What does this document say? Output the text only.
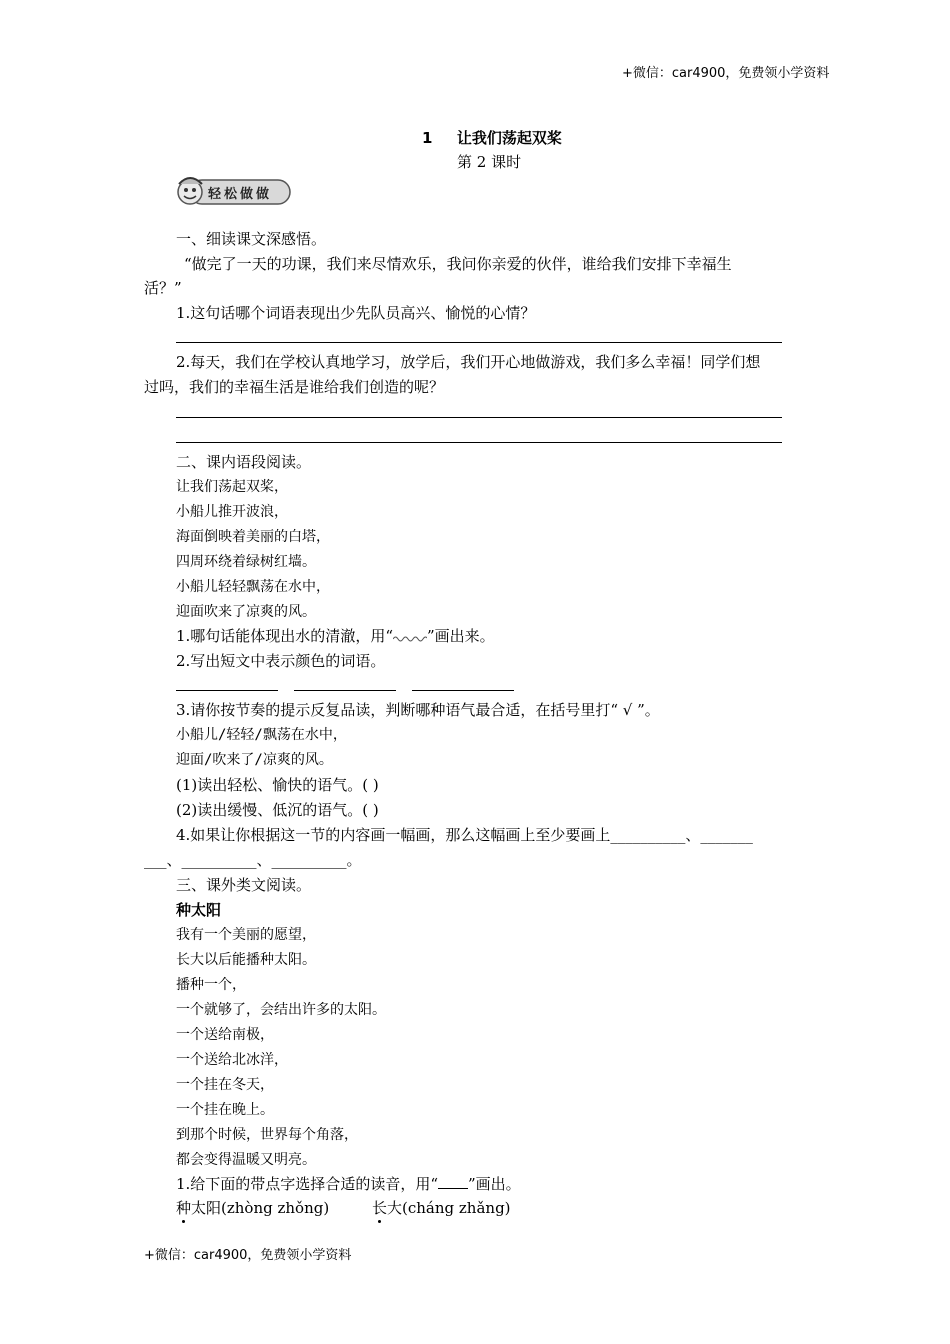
+微信：car4900，免费领小学资料
1 让我们荡起双桨
第 2 课时
轻松做做
一、细读课文深感悟。
“做完了一天的功课，我们来尽情欢乐，我问你亲爱的伙伴，谁给我们安排下幸福生
活？”
1.这句话哪个词语表现出少先队员高兴、愉悦的心情？
2.每天，我们在学校认真地学习，放学后，我们开心地做游戏，我们多么幸福！同学们想
过吗，我们的幸福生活是谁给我们创造的呢？
二、课内语段阅读。
让我们荡起双桨，
小船儿推开波浪，
海面倒映着美丽的白塔，
四周环绕着绿树红墙。
小船儿轻轻飘荡在水中，
迎面吹来了凉爽的风。
1.哪句话能体现出水的清澈，用“ ”画出来。
2.写出短文中表示颜色的词语。
3.请你按节奏的提示反复品读，判断哪种语气最合适，在括号里打“ √ ”。
小船儿/轻轻/飘荡在水中，
迎面/吹来了/凉爽的风。
(1)读出轻松、愉快的语气。( )
(2)读出缓慢、低沉的语气。( )
4.如果让你根据这一节的内容画一幅画，那么这幅画上至少要画上__________、_______
___、__________、__________。
三、课外类文阅读。
种太阳
我有一个美丽的愿望，
长大以后能播种太阳。
播种一个，
一个就够了，会结出许多的太阳。
一个送给南极，
一个送给北冰洋，
一个挂在冬天，
一个挂在晚上。
到那个时候，世界每个角落，
都会变得温暖又明亮。
1.给下面的带点字选择合适的读音，用“ ”画出。
种太阳(zhòng zhǒng)	长大(cháng zhǎng)
+微信：car4900，免费领小学资料
